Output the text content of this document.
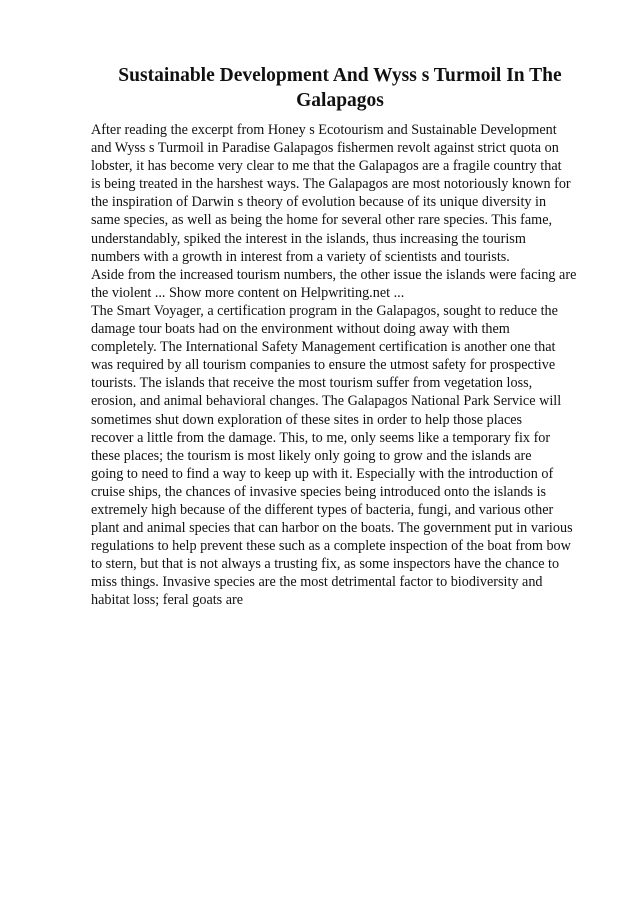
Sustainable Development And Wyss s Turmoil In The
Galapagos
After reading the excerpt from Honey s Ecotourism and Sustainable Development
and Wyss s Turmoil in Paradise Galapagos fishermen revolt against strict quota on
lobster, it has become very clear to me that the Galapagos are a fragile country that
is being treated in the harshest ways. The Galapagos are most notoriously known for
the inspiration of Darwin s theory of evolution because of its unique diversity in
same species, as well as being the home for several other rare species. This fame,
understandably, spiked the interest in the islands, thus increasing the tourism
numbers with a growth in interest from a variety of scientists and tourists.
Aside from the increased tourism numbers, the other issue the islands were facing are
the violent ... Show more content on Helpwriting.net ...
The Smart Voyager, a certification program in the Galapagos, sought to reduce the
damage tour boats had on the environment without doing away with them
completely. The International Safety Management certification is another one that
was required by all tourism companies to ensure the utmost safety for prospective
tourists. The islands that receive the most tourism suffer from vegetation loss,
erosion, and animal behavioral changes. The Galapagos National Park Service will
sometimes shut down exploration of these sites in order to help those places
recover a little from the damage. This, to me, only seems like a temporary fix for
these places; the tourism is most likely only going to grow and the islands are
going to need to find a way to keep up with it. Especially with the introduction of
cruise ships, the chances of invasive species being introduced onto the islands is
extremely high because of the different types of bacteria, fungi, and various other
plant and animal species that can harbor on the boats. The government put in various
regulations to help prevent these such as a complete inspection of the boat from bow
to stern, but that is not always a trusting fix, as some inspectors have the chance to
miss things. Invasive species are the most detrimental factor to biodiversity and
habitat loss; feral goats are
